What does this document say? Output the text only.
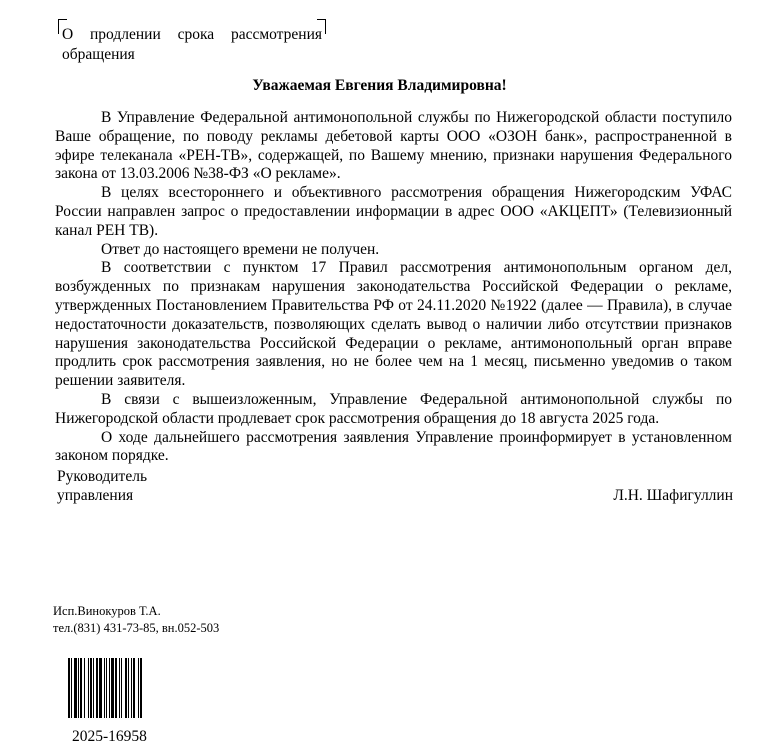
О продлении срока рассмотрения
обращения
Уважаемая Евгения Владимировна!

В Управление Федеральной антимонопольной службы по Нижегородской области поступило Ваше обращение, по поводу рекламы дебетовой карты ООО «ОЗОН банк», распространенной в эфире телеканала «РЕН-ТВ», содержащей, по Вашему мнению, признаки нарушения Федерального закона от 13.03.2006 №38-ФЗ «О рекламе».

В целях всестороннего и объективного рассмотрения обращения Нижегородским УФАС России направлен запрос о предоставлении информации в адрес ООО «АКЦЕПТ» (Телевизионный канал РЕН ТВ).

Ответ до настоящего времени не получен.

В соответствии с пунктом 17 Правил рассмотрения антимонопольным органом дел, возбужденных по признакам нарушения законодательства Российской Федерации о рекламе, утвержденных Постановлением Правительства РФ от 24.11.2020 №1922 (далее — Правила), в случае недостаточности доказательств, позволяющих сделать вывод о наличии либо отсутствии признаков нарушения законодательства Российской Федерации о рекламе, антимонопольный орган вправе продлить срок рассмотрения заявления, но не более чем на 1 месяц, письменно уведомив о таком решении заявителя.

В связи с вышеизложенным, Управление Федеральной антимонопольной службы по Нижегородской области продлевает срок рассмотрения обращения до 18 августа 2025 года.

О ходе дальнейшего рассмотрения заявления Управление проинформирует в установленном законом порядке.

Руководитель
управления	Л.Н. Шафигуллин
Исп.Винокуров Т.А.
тел.(831) 431-73-85, вн.052-503
2025-16958
